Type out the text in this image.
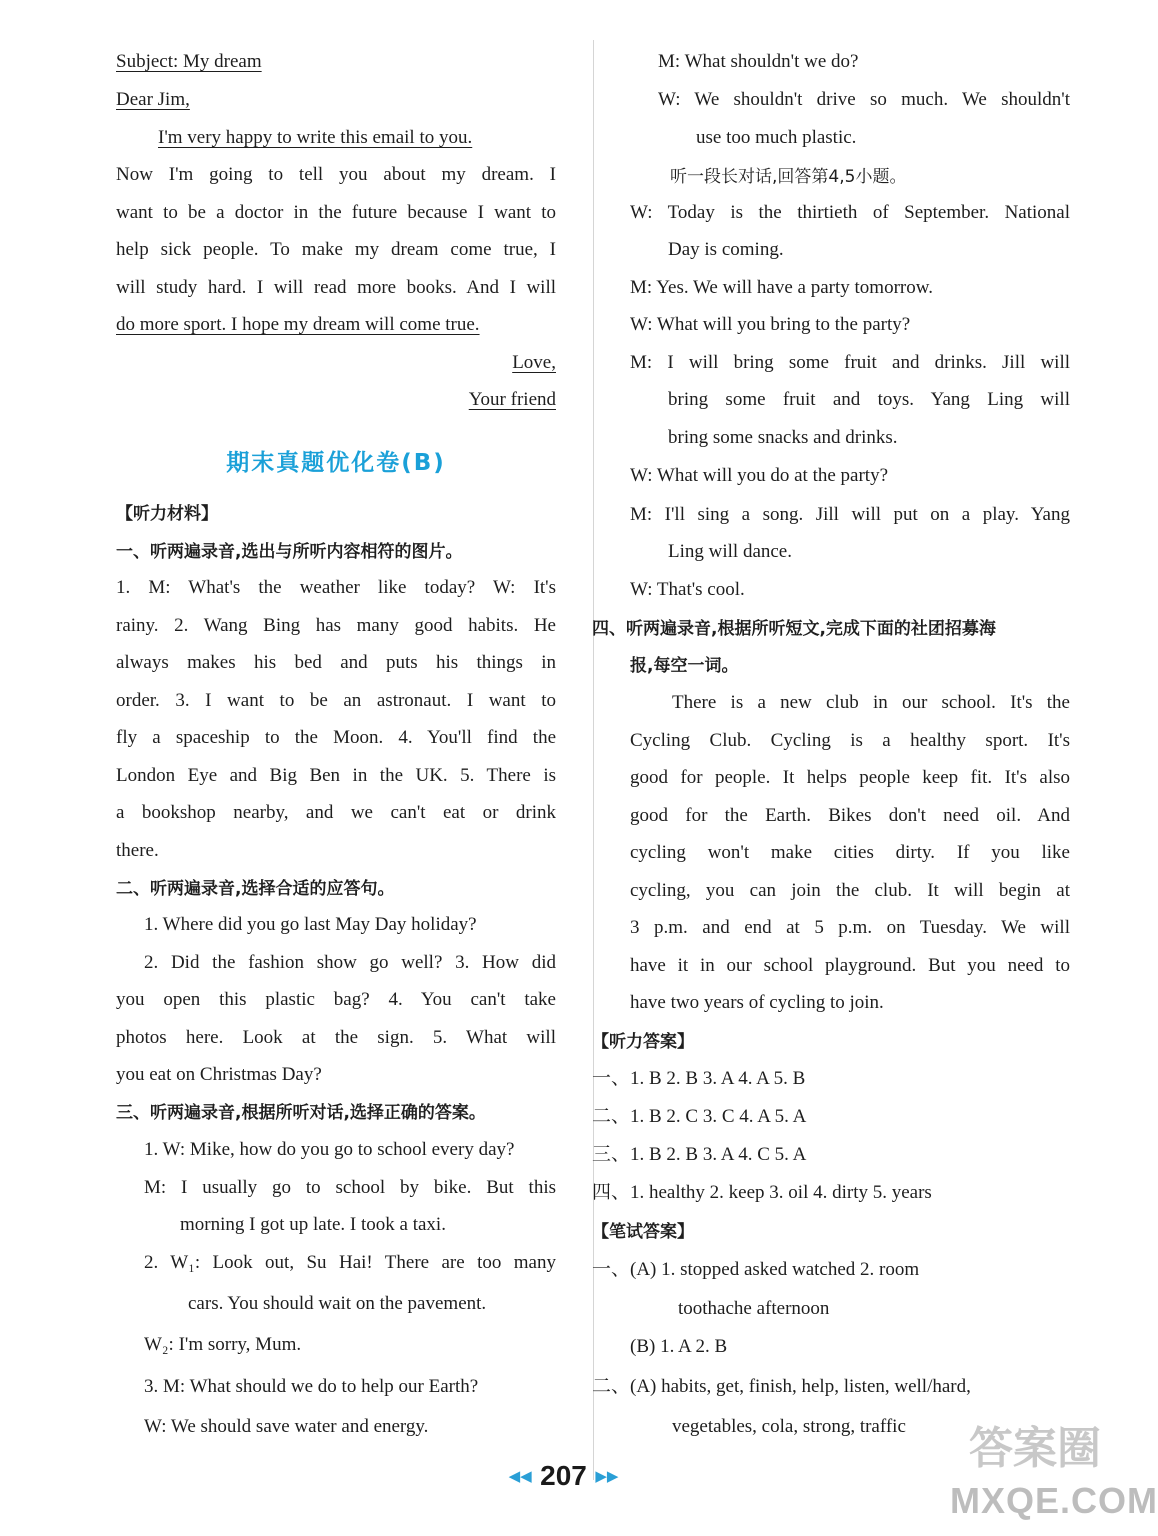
Subject: My dream
Dear Jim,
I'm very happy to write this email to you.
Now I'm going to tell you about my dream. I
want to be a doctor in the future because I want to
help sick people. To make my dream come true, I
will study hard. I will read more books. And I will
do more sport. I hope my dream will come true.
Love,
Your friend
期末真题优化卷(B)
【听力材料】
一、听两遍录音,选出与所听内容相符的图片。
1. M: What's the weather like today? W: It's
rainy. 2. Wang Bing has many good habits. He
always makes his bed and puts his things in
order. 3. I want to be an astronaut. I want to
fly a spaceship to the Moon. 4. You'll find the
London Eye and Big Ben in the UK. 5. There is
a bookshop nearby, and we can't eat or drink
there.
二、听两遍录音,选择合适的应答句。
1. Where did you go last May Day holiday?
2. Did the fashion show go well? 3. How did
you open this plastic bag? 4. You can't take
photos here. Look at the sign. 5. What will
you eat on Christmas Day?
三、听两遍录音,根据所听对话,选择正确的答案。
1. W: Mike, how do you go to school every day?
M: I usually go to school by bike. But this
morning I got up late. I took a taxi.
2. W₁: Look out, Su Hai! There are too many
cars. You should wait on the pavement.
W₂: I'm sorry, Mum.
3. M: What should we do to help our Earth?
W: We should save water and energy.
M: What shouldn't we do?
W: We shouldn't drive so much. We shouldn't
use too much plastic.
听一段长对话,回答第4,5小题。
W: Today is the thirtieth of September. National
Day is coming.
M: Yes. We will have a party tomorrow.
W: What will you bring to the party?
M: I will bring some fruit and drinks. Jill will
bring some fruit and toys. Yang Ling will
bring some snacks and drinks.
W: What will you do at the party?
M: I'll sing a song. Jill will put on a play. Yang
Ling will dance.
W: That's cool.
四、听两遍录音,根据所听短文,完成下面的社团招募海
报,每空一词。
There is a new club in our school. It's the
Cycling Club. Cycling is a healthy sport. It's
good for people. It helps people keep fit. It's also
good for the Earth. Bikes don't need oil. And
cycling won't make cities dirty. If you like
cycling, you can join the club. It will begin at
3 p.m. and end at 5 p.m. on Tuesday. We will
have it in our school playground. But you need to
have two years of cycling to join.
【听力答案】
一、1. B 2. B 3. A 4. A 5. B
二、1. B 2. C 3. C 4. A 5. A
三、1. B 2. B 3. A 4. C 5. A
四、1. healthy 2. keep 3. oil 4. dirty 5. years
【笔试答案】
一、(A) 1. stopped asked watched 2. room
toothache afternoon
(B) 1. A 2. B
二、(A) habits, get, finish, help, listen, well/hard,
vegetables, cola, strong, traffic
◀◀ 207 ▶▶
答案圈
MXQE.COM
